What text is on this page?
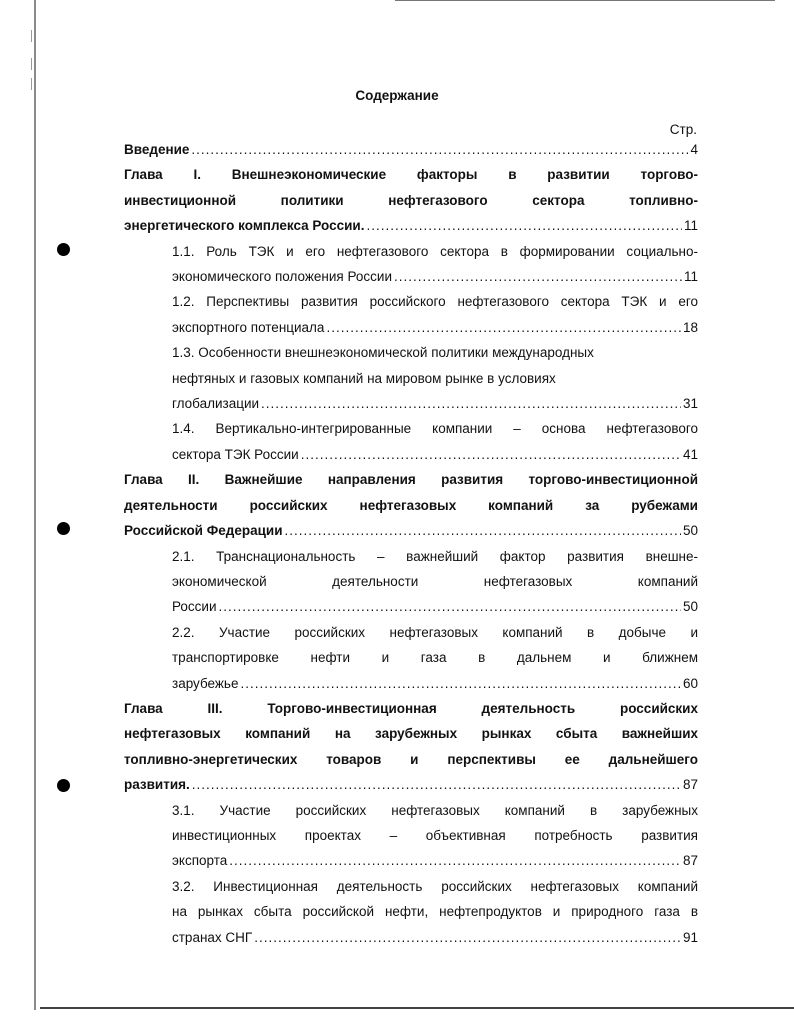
Содержание
Стр.
Введение .....	4
Глава I. Внешнеэкономические факторы в развитии торгово-
инвестиционной политики нефтегазового сектора топливно-
энергетического комплекса России. .....	11
1.1. Роль ТЭК и его нефтегазового сектора в формировании социально-
экономического положения России .....	11
1.2. Перспективы развития российского нефтегазового сектора ТЭК и его
экспортного потенциала .....	18
1.3. Особенности внешнеэкономической политики международных
нефтяных и газовых компаний на мировом рынке в условиях
глобализации .....	31
1.4. Вертикально-интегрированные компании – основа нефтегазового
сектора ТЭК России .....	41
Глава II. Важнейшие направления развития торгово-инвестиционной
деятельности российских нефтегазовых компаний за рубежами
Российской Федерации .....	50
2.1. Транснациональность – важнейший фактор развития внешне-
экономической деятельности нефтегазовых компаний
России .....	50
2.2. Участие российских нефтегазовых компаний в добыче и
транспортировке нефти и газа в дальнем и ближнем
зарубежье .....	60
Глава III. Торгово-инвестиционная деятельность российских
нефтегазовых компаний на зарубежных рынках сбыта важнейших
топливно-энергетических товаров и перспективы ее дальнейшего
развития. .....	87
3.1. Участие российских нефтегазовых компаний в зарубежных
инвестиционных проектах – объективная потребность развития
экспорта .....	87
3.2. Инвестиционная деятельность российских нефтегазовых компаний
на рынках сбыта российской нефти, нефтепродуктов и природного газа в
странах СНГ .....	91
